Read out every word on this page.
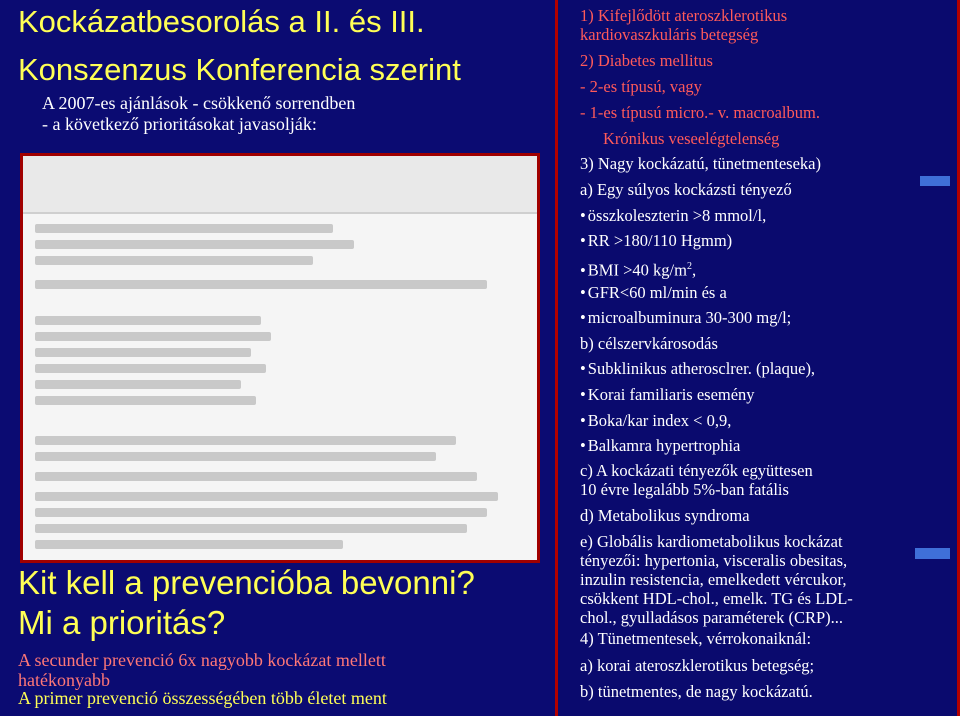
Kockázatbesorolás a II. és III.
Konszenzus Konferencia szerint
A 2007-es ajánlások - csökkenő sorrendben
- a következő prioritásokat javasolják:
Kit kell a prevencióba bevonni?
Mi a prioritás?
A secunder prevenció 6x nagyobb kockázat mellett
hatékonyabb
A primer prevenció összességében több életet ment
1) Kifejlődött ateroszklerotikus
kardiovaszkuláris betegség
2) Diabetes mellitus
- 2-es típusú, vagy
- 1-es típusú micro.- v. macroalbum.
Krónikus veseelégtelenség
3) Nagy kockázatú, tünetmenteseka)
a) Egy súlyos kockázsti tényező
• összkoleszterin >8 mmol/l,
• RR >180/110 Hgmm)
• BMI >40 $kg/m^2$,
• GFR<60 ml/min és a
• microalbuminura 30-300 mg/l;
b) célszervkárosodás
• Subklinikus atherosclrer. (plaque),
• Korai familiaris esemény
• Boka/kar index < 0,9,
• Balkamra hypertrophia
c) A kockázati tényezők együttesen
10 évre legalább 5%-ban fatális
d) Metabolikus syndroma
e) Globális kardiometabolikus kockázat
tényezői: hypertonia, visceralis obesitas,
inzulin resistencia, emelkedett vércukor,
csökkent HDL-chol., emelk. TG és LDL-
chol., gyulladásos paraméterek (CRP)...
4) Tünetmentesek, vérrokonaiknál:
a) korai ateroszklerotikus betegség;
b) tünetmentes, de nagy kockázatú.
